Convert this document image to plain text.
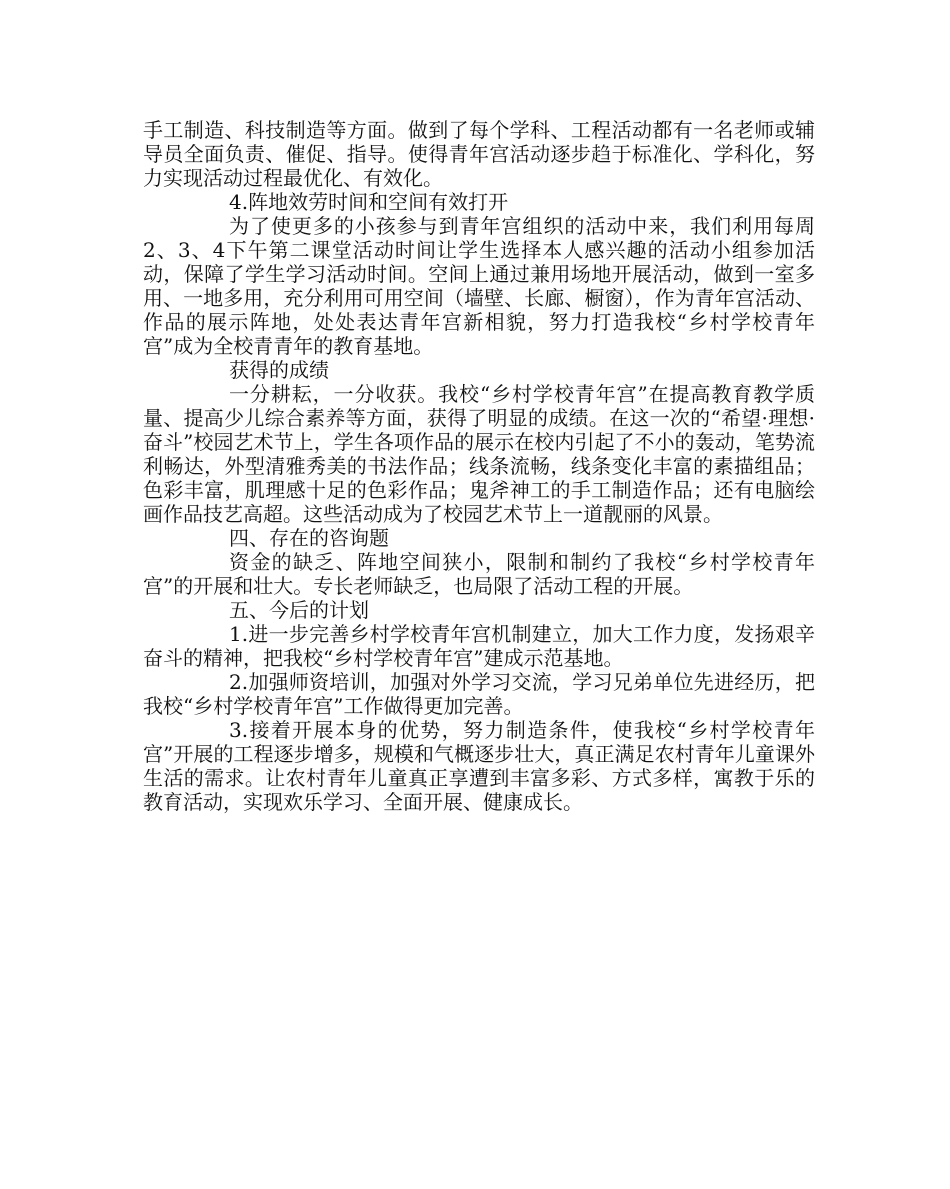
手工制造、科技制造等方面。做到了每个学科、工程活动都有一名老师或辅导员全面负责、催促、指导。使得青年宫活动逐步趋于标准化、学科化，努力实现活动过程最优化、有效化。

4.阵地效劳时间和空间有效打开

为了使更多的小孩参与到青年宫组织的活动中来，我们利用每周2、3、4下午第二课堂活动时间让学生选择本人感兴趣的活动小组参加活动，保障了学生学习活动时间。空间上通过兼用场地开展活动，做到一室多用、一地多用，充分利用可用空间（墙壁、长廊、橱窗），作为青年宫活动、作品的展示阵地，处处表达青年宫新相貌，努力打造我校“乡村学校青年宫”成为全校青青年的教育基地。

获得的成绩

一分耕耘，一分收获。我校“乡村学校青年宫”在提高教育教学质量、提高少儿综合素养等方面，获得了明显的成绩。在这一次的“希望·理想·奋斗”校园艺术节上，学生各项作品的展示在校内引起了不小的轰动，笔势流利畅达，外型清雅秀美的书法作品；线条流畅，线条变化丰富的素描组品；色彩丰富，肌理感十足的色彩作品；鬼斧神工的手工制造作品；还有电脑绘画作品技艺高超。这些活动成为了校园艺术节上一道靓丽的风景。

四、存在的咨询题

资金的缺乏、阵地空间狭小，限制和制约了我校“乡村学校青年宫”的开展和壮大。专长老师缺乏，也局限了活动工程的开展。

五、今后的计划

1.进一步完善乡村学校青年宫机制建立，加大工作力度，发扬艰辛奋斗的精神，把我校“乡村学校青年宫”建成示范基地。

2.加强师资培训，加强对外学习交流，学习兄弟单位先进经历，把我校“乡村学校青年宫”工作做得更加完善。

3.接着开展本身的优势，努力制造条件，使我校“乡村学校青年宫”开展的工程逐步增多，规模和气概逐步壮大，真正满足农村青年儿童课外生活的需求。让农村青年儿童真正享遭到丰富多彩、方式多样，寓教于乐的教育活动，实现欢乐学习、全面开展、健康成长。
